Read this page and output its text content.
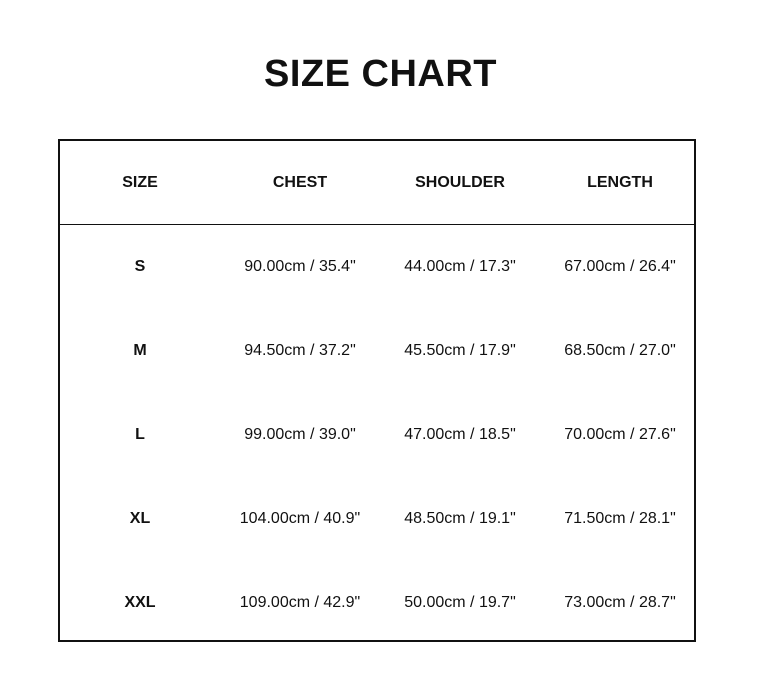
SIZE CHART
SIZE	CHEST	SHOULDER	LENGTH
S	90.00cm / 35.4"	44.00cm / 17.3"	67.00cm / 26.4"
M	94.50cm / 37.2"	45.50cm / 17.9"	68.50cm / 27.0"
L	99.00cm / 39.0"	47.00cm / 18.5"	70.00cm / 27.6"
XL	104.00cm / 40.9"	48.50cm / 19.1"	71.50cm / 28.1"
XXL	109.00cm / 42.9"	50.00cm / 19.7"	73.00cm / 28.7"
